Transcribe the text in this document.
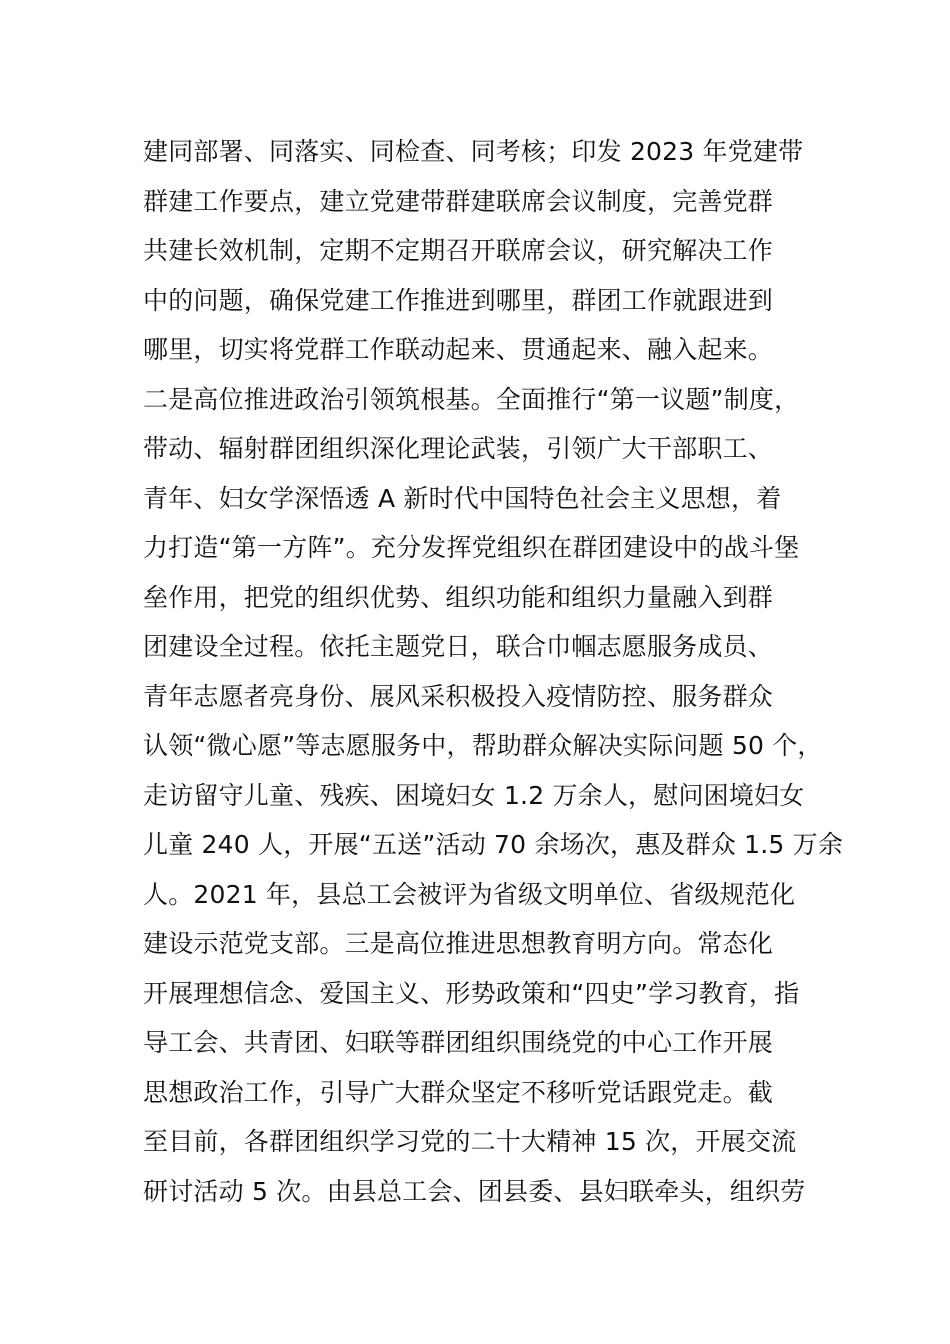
建同部署、同落实、同检查、同考核；印发 2023 年党建带
群建工作要点，建立党建带群建联席会议制度，完善党群
共建长效机制，定期不定期召开联席会议，研究解决工作
中的问题，确保党建工作推进到哪里，群团工作就跟进到
哪里，切实将党群工作联动起来、贯通起来、融入起来。
二是高位推进政治引领筑根基。全面推行“第一议题”制度，
带动、辐射群团组织深化理论武装，引领广大干部职工、
青年、妇女学深悟透 A 新时代中国特色社会主义思想，着
力打造“第一方阵”。充分发挥党组织在群团建设中的战斗堡
垒作用，把党的组织优势、组织功能和组织力量融入到群
团建设全过程。依托主题党日，联合巾帼志愿服务成员、
青年志愿者亮身份、展风采积极投入疫情防控、服务群众
认领“微心愿”等志愿服务中，帮助群众解决实际问题 50 个，
走访留守儿童、残疾、困境妇女 1.2 万余人，慰问困境妇女
儿童 240 人，开展“五送”活动 70 余场次，惠及群众 1.5 万余
人。2021 年，县总工会被评为省级文明单位、省级规范化
建设示范党支部。三是高位推进思想教育明方向。常态化
开展理想信念、爱国主义、形势政策和“四史”学习教育，指
导工会、共青团、妇联等群团组织围绕党的中心工作开展
思想政治工作，引导广大群众坚定不移听党话跟党走。截
至目前，各群团组织学习党的二十大精神 15 次，开展交流
研讨活动 5 次。由县总工会、团县委、县妇联牵头，组织劳
